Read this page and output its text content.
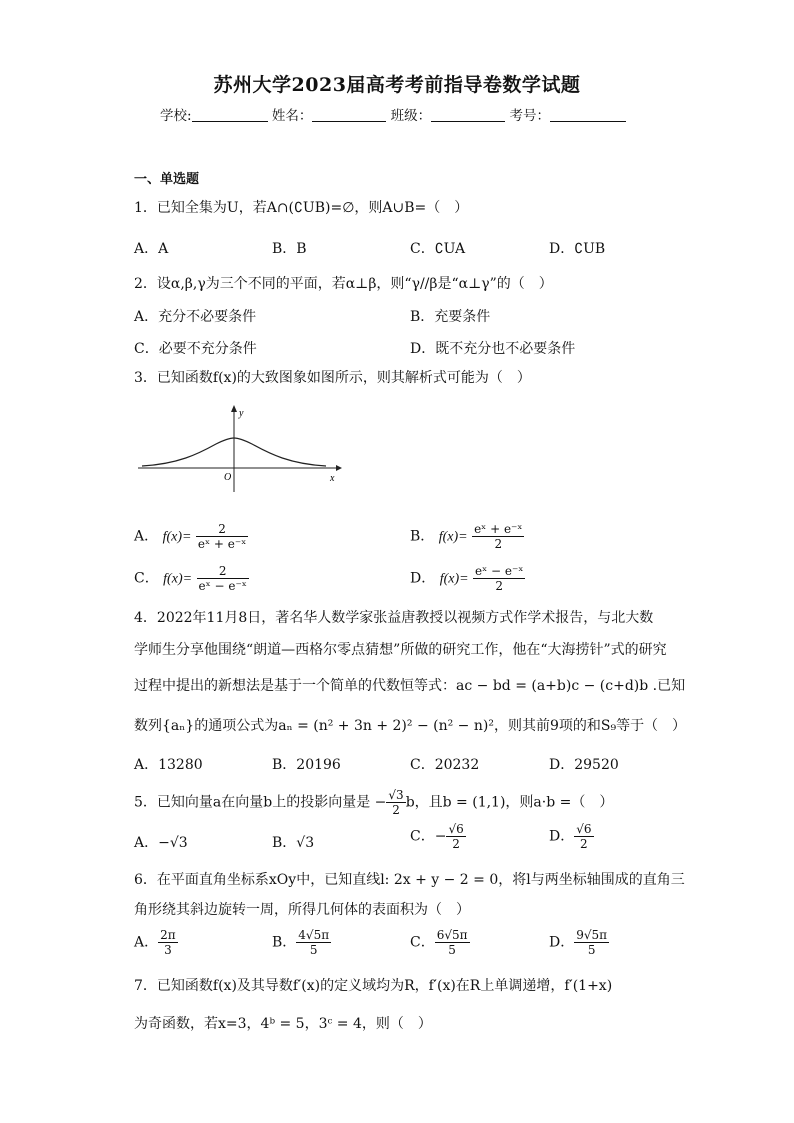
苏州大学2023届高考考前指导卷数学试题
学校:	姓名：	班级：	考号：
一、单选题
1．已知全集为U，若A∩(∁UB)=∅，则A∪B=（　）
A．A	B．B	C．∁UA	D．∁UB
2．设α,β,γ为三个不同的平面，若α⊥β，则“γ//β是“α⊥γ”的（　）
A．充分不必要条件	B．充要条件
C．必要不充分条件	D．既不充分也不必要条件
3．已知函数f(x)的大致图象如图所示，则其解析式可能为（　）
y
x
O
A． $f(x)= \frac{2}{\text{eˣ + e⁻ˣ}}$	B． $f(x)= \frac{\text{eˣ + e⁻ˣ}}{2}$
C． $f(x)= \frac{2}{\text{eˣ − e⁻ˣ}}$	D． $f(x)= \frac{\text{eˣ − e⁻ˣ}}{2}$
4．2022年11月8日，著名华人数学家张益唐教授以视频方式作学术报告，与北大数
学师生分享他围绕“朗道—西格尔零点猜想”所做的研究工作，他在“大海捞针”式的研究
过程中提出的新想法是基于一个简单的代数恒等式：ac − bd = (a+b)c − (c+d)b .已知
数列{aₙ}的通项公式为aₙ = (n² + 3n + 2)² − (n² − n)²，则其前9项的和S₉等于（　）
A．13280	B．20196	C．20232	D．29520
5．已知向量a在向量b上的投影向量是 − $\frac{√3}{2}$ b，且b = (1,1)，则a·b =（　）
A．−√3	B．√3	C．− $\frac{√6}{2}$	D． $\frac{√6}{2}$
6．在平面直角坐标系xOy中，已知直线l: 2x + y − 2 = 0，将l与两坐标轴围成的直角三
角形绕其斜边旋转一周，所得几何体的表面积为（　）
A． $\frac{2\pi}{3}$	B． $\frac{4√5\pi}{5}$	C． $\frac{6√5\pi}{5}$	D． $\frac{9√5\pi}{5}$
7．已知函数f(x)及其导数f′(x)的定义域均为R，f′(x)在R上单调递增，f′(1+x)
为奇函数，若x=3，4ᵇ = 5，3ᶜ = 4，则（　）
